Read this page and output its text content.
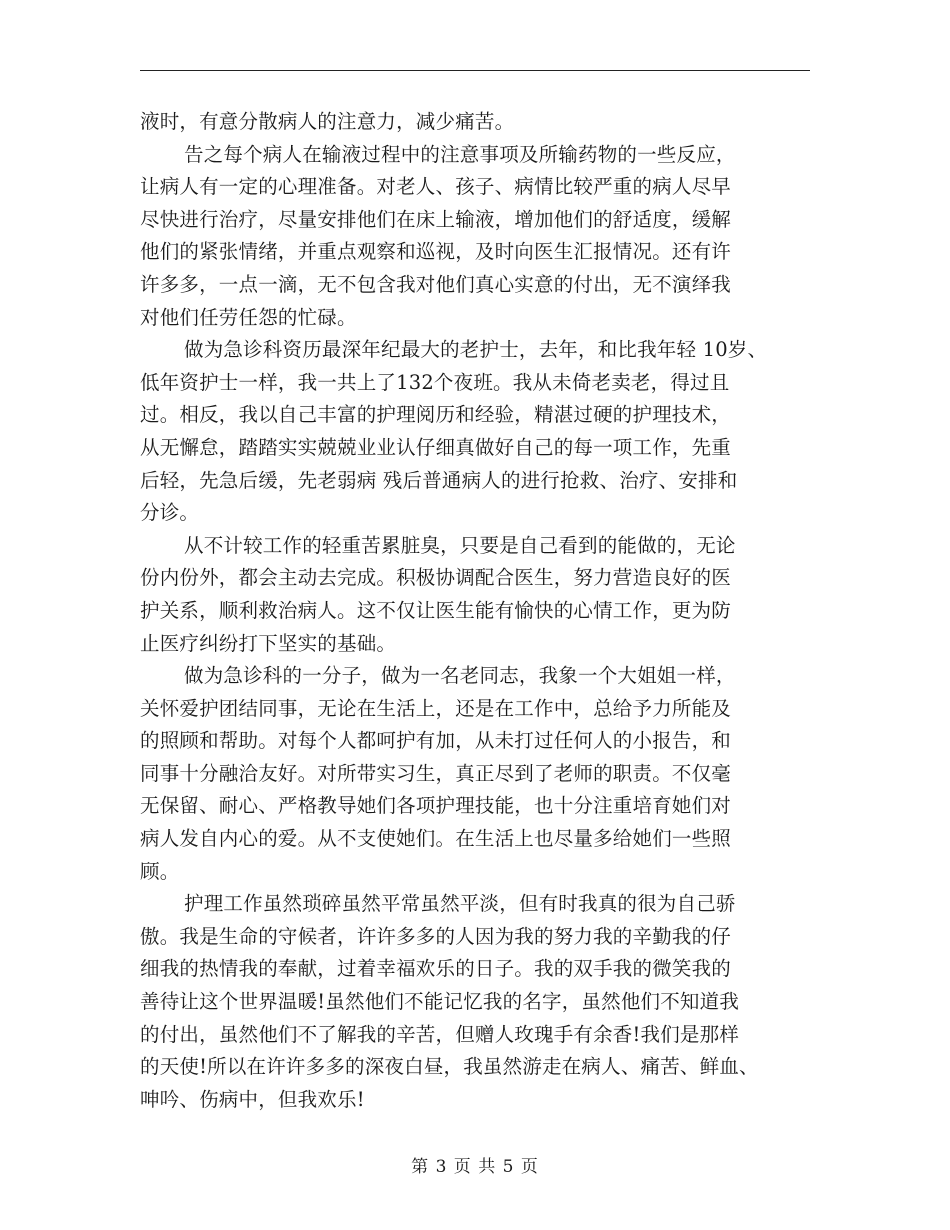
液时，有意分散病人的注意力，减少痛苦。
告之每个病人在输液过程中的注意事项及所输药物的一些反应，
让病人有一定的心理准备。对老人、孩子、病情比较严重的病人尽早
尽快进行治疗，尽量安排他们在床上输液，增加他们的舒适度，缓解
他们的紧张情绪，并重点观察和巡视，及时向医生汇报情况。还有许
许多多，一点一滴，无不包含我对他们真心实意的付出，无不演绎我
对他们任劳任怨的忙碌。
做为急诊科资历最深年纪最大的老护士，去年，和比我年轻 10岁、
低年资护士一样，我一共上了132个夜班。我从未倚老卖老，得过且
过。相反，我以自己丰富的护理阅历和经验，精湛过硬的护理技术，
从无懈怠，踏踏实实兢兢业业认仔细真做好自己的每一项工作，先重
后轻，先急后缓，先老弱病 残后普通病人的进行抢救、治疗、安排和
分诊。
从不计较工作的轻重苦累脏臭，只要是自己看到的能做的，无论
份内份外，都会主动去完成。积极协调配合医生，努力营造良好的医
护关系，顺利救治病人。这不仅让医生能有愉快的心情工作，更为防
止医疗纠纷打下坚实的基础。
做为急诊科的一分子，做为一名老同志，我象一个大姐姐一样，
关怀爱护团结同事，无论在生活上，还是在工作中，总给予力所能及
的照顾和帮助。对每个人都呵护有加，从未打过任何人的小报告，和
同事十分融洽友好。对所带实习生，真正尽到了老师的职责。不仅毫
无保留、耐心、严格教导她们各项护理技能，也十分注重培育她们对
病人发自内心的爱。从不支使她们。在生活上也尽量多给她们一些照
顾。
护理工作虽然琐碎虽然平常虽然平淡，但有时我真的很为自己骄
傲。我是生命的守候者，许许多多的人因为我的努力我的辛勤我的仔
细我的热情我的奉献，过着幸福欢乐的日子。我的双手我的微笑我的
善待让这个世界温暖!虽然他们不能记忆我的名字，虽然他们不知道我
的付出，虽然他们不了解我的辛苦，但赠人玫瑰手有余香!我们是那样
的天使!所以在许许多多的深夜白昼，我虽然游走在病人、痛苦、鲜血、
呻吟、伤病中，但我欢乐!
第 3 页 共 5 页
